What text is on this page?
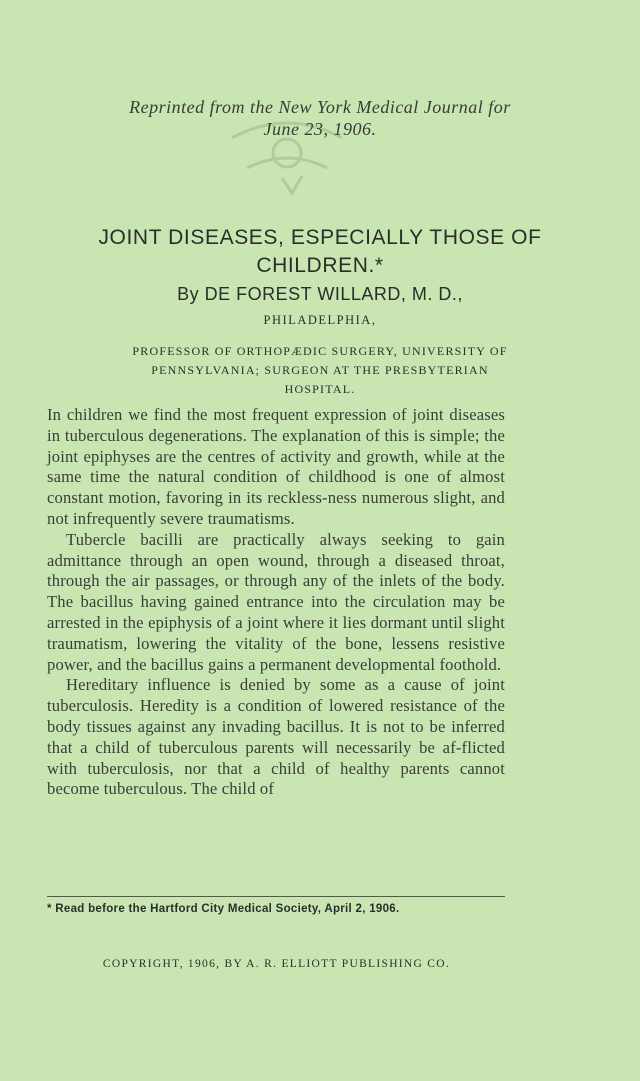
Reprinted from the New York Medical Journal for
June 23, 1906.
JOINT DISEASES, ESPECIALLY THOSE OF
CHILDREN.*
By DE FOREST WILLARD, M. D.,
PHILADELPHIA,
PROFESSOR OF ORTHOPÆDIC SURGERY, UNIVERSITY OF
PENNSYLVANIA; SURGEON AT THE PRESBYTERIAN
HOSPITAL.

In children we find the most frequent expression of joint diseases in tuberculous degenerations. The explanation of this is simple; the joint epiphyses are the centres of activity and growth, while at the same time the natural condition of childhood is one of almost constant motion, favoring in its reckless-ness numerous slight, and not infrequently severe traumatisms.

Tubercle bacilli are practically always seeking to gain admittance through an open wound, through a diseased throat, through the air passages, or through any of the inlets of the body. The bacillus having gained entrance into the circulation may be arrested in the epiphysis of a joint where it lies dormant until slight traumatism, lowering the vitality of the bone, lessens resistive power, and the bacillus gains a permanent developmental foothold.

Hereditary influence is denied by some as a cause of joint tuberculosis. Heredity is a condition of lowered resistance of the body tissues against any invading bacillus. It is not to be inferred that a child of tuberculous parents will necessarily be af-flicted with tuberculosis, nor that a child of healthy parents cannot become tuberculous. The child of

* Read before the Hartford City Medical Society, April 2, 1906.
COPYRIGHT, 1906, BY A. R. ELLIOTT PUBLISHING CO.
